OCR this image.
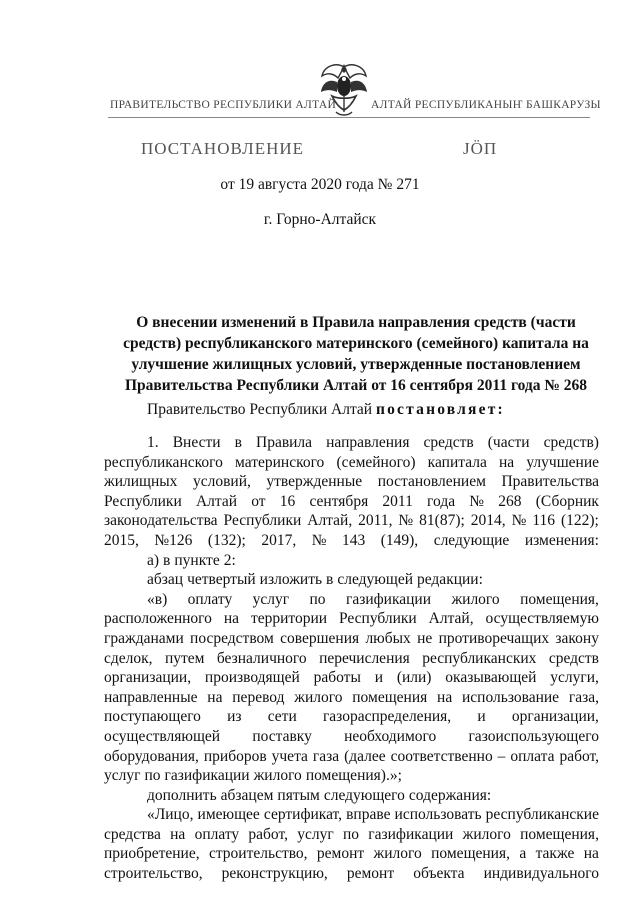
ПРАВИТЕЛЬСТВО РЕСПУБЛИКИ АЛТАЙ	АЛТАЙ РЕСПУБЛИКАНЫҤ БАШКАРУЗЫ
ПОСТАНОВЛЕНИЕ	ЈӦП
от 19 августа 2020 года № 271
г. Горно-Алтайск
О внесении изменений в Правила направления средств (части
средств) республиканского материнского (семейного) капитала на
улучшение жилищных условий, утвержденные постановлением
Правительства Республики Алтай от 16 сентября 2011 года № 268
Правительство Республики Алтай постановляет:
1. Внести в Правила направления средств (части средств)
республиканского материнского (семейного) капитала на улучшение
жилищных условий, утвержденные постановлением Правительства
Республики Алтай от 16 сентября 2011 года № 268 (Сборник
законодательства Республики Алтай, 2011, № 81(87); 2014, № 116 (122);
2015, №126 (132); 2017, № 143 (149), следующие изменения:
а) в пункте 2:
абзац четвертый изложить в следующей редакции:
«в) оплату услуг по газификации жилого помещения,
расположенного на территории Республики Алтай, осуществляемую
гражданами посредством совершения любых не противоречащих закону
сделок, путем безналичного перечисления республиканских средств
организации, производящей работы и (или) оказывающей услуги,
направленные на перевод жилого помещения на использование газа,
поступающего из сети газораспределения, и организации,
осуществляющей поставку необходимого газоиспользующего
оборудования, приборов учета газа (далее соответственно – оплата работ,
услуг по газификации жилого помещения).»;
дополнить абзацем пятым следующего содержания:
«Лицо, имеющее сертификат, вправе использовать республиканские
средства на оплату работ, услуг по газификации жилого помещения,
приобретение, строительство, ремонт жилого помещения, а также на
строительство, реконструкцию, ремонт объекта индивидуального
